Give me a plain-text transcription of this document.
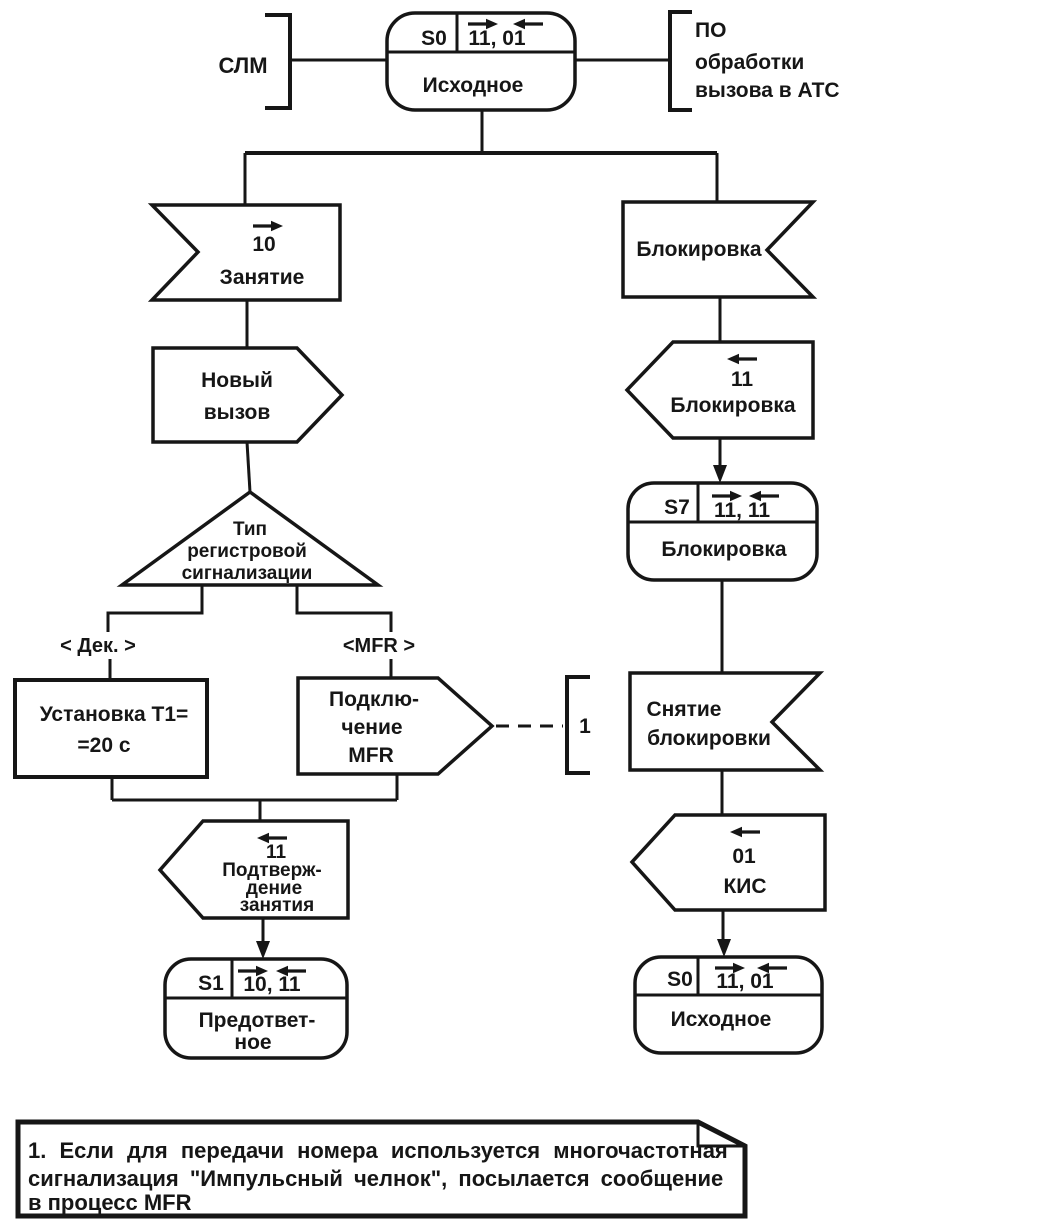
СЛМ
ПО
обработки
вызова в АТС
S0 11, 01
Исходное
10
Занятие
Новый
вызов
Тип
регистровой
сигнализации
< Дек. >	<MFR >
Установка Т1=
=20 с
Подклю-
чение
MFR
1
11
Подтверж-
дение
занятия
S1 10, 11
Предответ-
ное
Блокировка
11
Блокировка
S7 11, 11
Блокировка
Снятие
блокировки
01
КИС
S0 11, 01
Исходное
1. Если для передачи номера используется многочастотная
сигнализация "Импульсный челнок", посылается сообщение
в процесс MFR
